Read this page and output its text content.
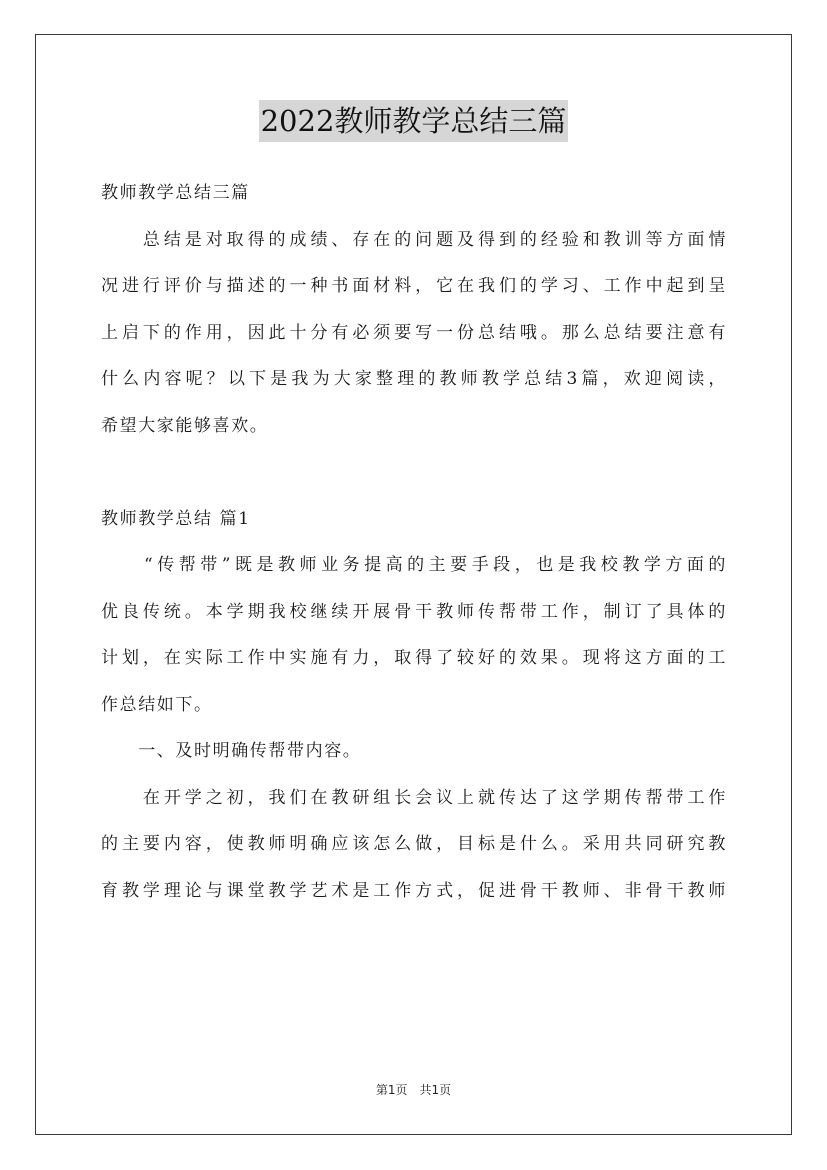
2022教师教学总结三篇
教师教学总结三篇
　　总结是对取得的成绩、存在的问题及得到的经验和教训等方面情
况进行评价与描述的一种书面材料，它在我们的学习、工作中起到呈
上启下的作用，因此十分有必须要写一份总结哦。那么总结要注意有
什么内容呢？以下是我为大家整理的教师教学总结3篇，欢迎阅读，
希望大家能够喜欢。
教师教学总结 篇1
　　“传帮带”既是教师业务提高的主要手段，也是我校教学方面的
优良传统。本学期我校继续开展骨干教师传帮带工作，制订了具体的
计划，在实际工作中实施有力，取得了较好的效果。现将这方面的工
作总结如下。
　　一、及时明确传帮带内容。
　　在开学之初，我们在教研组长会议上就传达了这学期传帮带工作
的主要内容，使教师明确应该怎么做，目标是什么。采用共同研究教
育教学理论与课堂教学艺术是工作方式，促进骨干教师、非骨干教师
第1页　共1页
